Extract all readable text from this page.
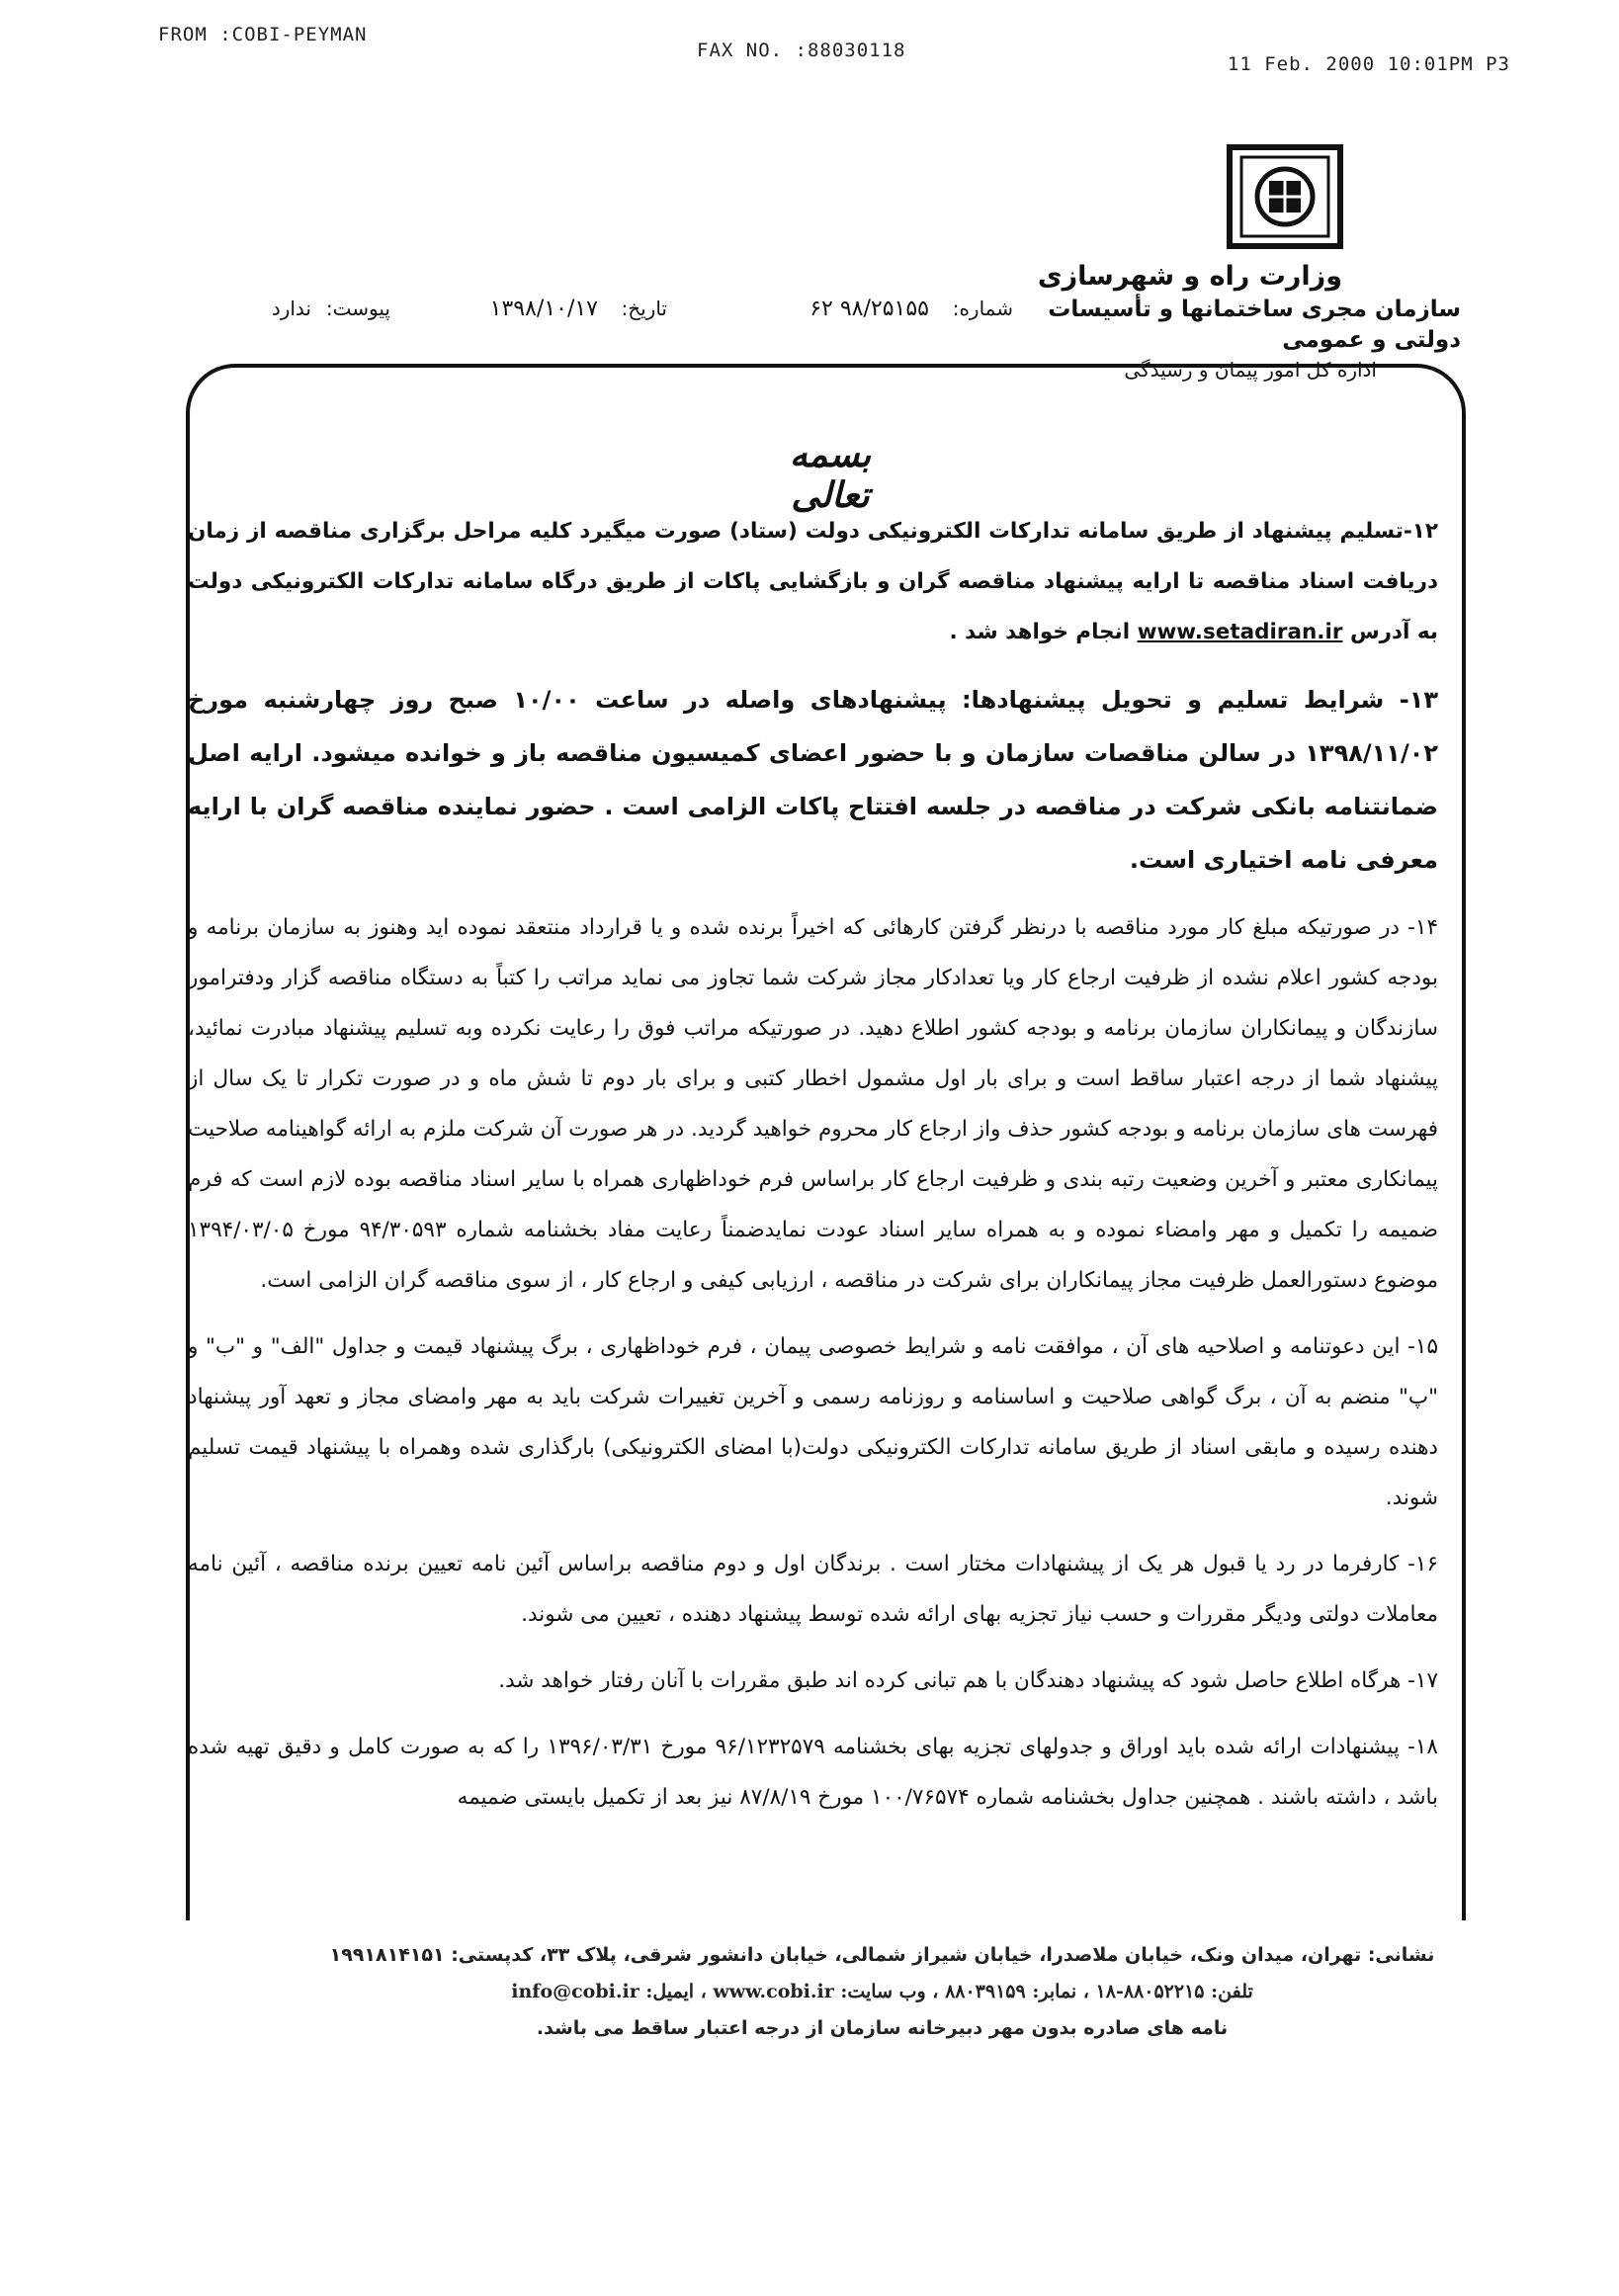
FROM :COBI-PEYMAN
FAX NO. :88030118
11 Feb. 2000 10:01PM P3
وزارت راه و شهرسازی
سازمان مجری ساختمانها و تأسیسات دولتی و عمومی
اداره کل امور پیمان و رسیدگی
شماره:
۹۸/۲۵۱۵۵ ۶۲
تاریخ:
۱۳۹۸/۱۰/۱۷
پیوست:
ندارد
بسمه تعالی

۱۲-تسلیم پیشنهاد از طریق سامانه تدارکات الکترونیکی دولت (ستاد) صورت میگیرد کلیه مراحل برگزاری مناقصه از زمان دریافت اسناد مناقصه تا ارایه پیشنهاد مناقصه گران و بازگشایی پاکات از طریق درگاه سامانه تدارکات الکترونیکی دولت به آدرس www.setadiran.ir انجام خواهد شد .

۱۳- شرایط تسلیم و تحویل پیشنهادها: پیشنهادهای واصله در ساعت ۱۰/۰۰ صبح روز چهارشنبه مورخ ۱۳۹۸/۱۱/۰۲ در سالن مناقصات سازمان و با حضور اعضای کمیسیون مناقصه باز و خوانده میشود. ارایه اصل ضمانتنامه بانکی شرکت در مناقصه در جلسه افتتاح پاکات الزامی است . حضور نماینده مناقصه گران با ارایه معرفی نامه اختیاری است.

۱۴- در صورتیکه مبلغ کار مورد مناقصه با درنظر گرفتن کارهائی که اخیراً برنده شده و یا قرارداد منتعقد نموده اید وهنوز به سازمان برنامه و بودجه کشور اعلام نشده از ظرفیت ارجاع کار ویا تعدادکار مجاز شرکت شما تجاوز می نماید مراتب را کتباً به دستگاه مناقصه گزار ودفترامور سازندگان و پیمانکاران سازمان برنامه و بودجه کشور اطلاع دهید. در صورتیکه مراتب فوق را رعایت نکرده وبه تسلیم پیشنهاد مبادرت نمائید، پیشنهاد شما از درجه اعتبار ساقط است و برای بار اول مشمول اخطار کتبی و برای بار دوم تا شش ماه و در صورت تکرار تا یک سال از فهرست های سازمان برنامه و بودجه کشور حذف واز ارجاع کار محروم خواهید گردید. در هر صورت آن شرکت ملزم به ارائه گواهینامه صلاحیت پیمانکاری معتبر و آخرین وضعیت رتبه بندی و ظرفیت ارجاع کار براساس فرم خوداظهاری همراه با سایر اسناد مناقصه بوده لازم است که فرم ضمیمه را تکمیل و مهر وامضاء نموده و به همراه سایر اسناد عودت نمایدضمناً رعایت مفاد بخشنامه شماره ۹۴/۳۰۵۹۳ مورخ ۱۳۹۴/۰۳/۰۵ موضوع دستورالعمل ظرفیت مجاز پیمانکاران برای شرکت در مناقصه ، ارزیابی کیفی و ارجاع کار ، از سوی مناقصه گران الزامی است.

۱۵- این دعوتنامه و اصلاحیه های آن ، موافقت نامه و شرایط خصوصی پیمان ، فرم خوداظهاری ، برگ پیشنهاد قیمت و جداول "الف" و "ب" و "پ" منضم به آن ، برگ گواهی صلاحیت و اساسنامه و روزنامه رسمی و آخرین تغییرات شرکت باید به مهر وامضای مجاز و تعهد آور پیشنهاد دهنده رسیده و مابقی اسناد از طریق سامانه تدارکات الکترونیکی دولت(با امضای الکترونیکی) بارگذاری شده وهمراه با پیشنهاد قیمت تسلیم شوند.

۱۶- کارفرما در رد یا قبول هر یک از پیشنهادات مختار است . برندگان اول و دوم مناقصه براساس آئین نامه تعیین برنده مناقصه ، آئین نامه معاملات دولتی ودیگر مقررات و حسب نیاز تجزیه بهای ارائه شده توسط پیشنهاد دهنده ، تعیین می شوند.

۱۷- هرگاه اطلاع حاصل شود که پیشنهاد دهندگان با هم تبانی کرده اند طبق مقررات با آنان رفتار خواهد شد.

۱۸- پیشنهادات ارائه شده باید اوراق و جدولهای تجزیه بهای بخشنامه ۹۶/۱۲۳۲۵۷۹ مورخ ۱۳۹۶/۰۳/۳۱ را که به صورت کامل و دقیق تهیه شده باشد ، داشته باشند . همچنین جداول بخشنامه شماره ۱۰۰/۷۶۵۷۴ مورخ ۸۷/۸/۱۹ نیز بعد از تکمیل بایستی ضمیمه

نشانی: تهران، میدان ونک، خیابان ملاصدرا، خیابان شیراز شمالی، خیابان دانشور شرقی، پلاک ۳۳، کدپستی: ۱۹۹۱۸۱۴۱۵۱
تلفن: ۸۸۰۵۲۲۱۵-۱۸ ، نمابر: ۸۸۰۳۹۱۵۹ ، وب سایت: www.cobi.ir ، ایمیل: info@cobi.ir
نامه های صادره بدون مهر دبیرخانه سازمان از درجه اعتبار ساقط می باشد.
